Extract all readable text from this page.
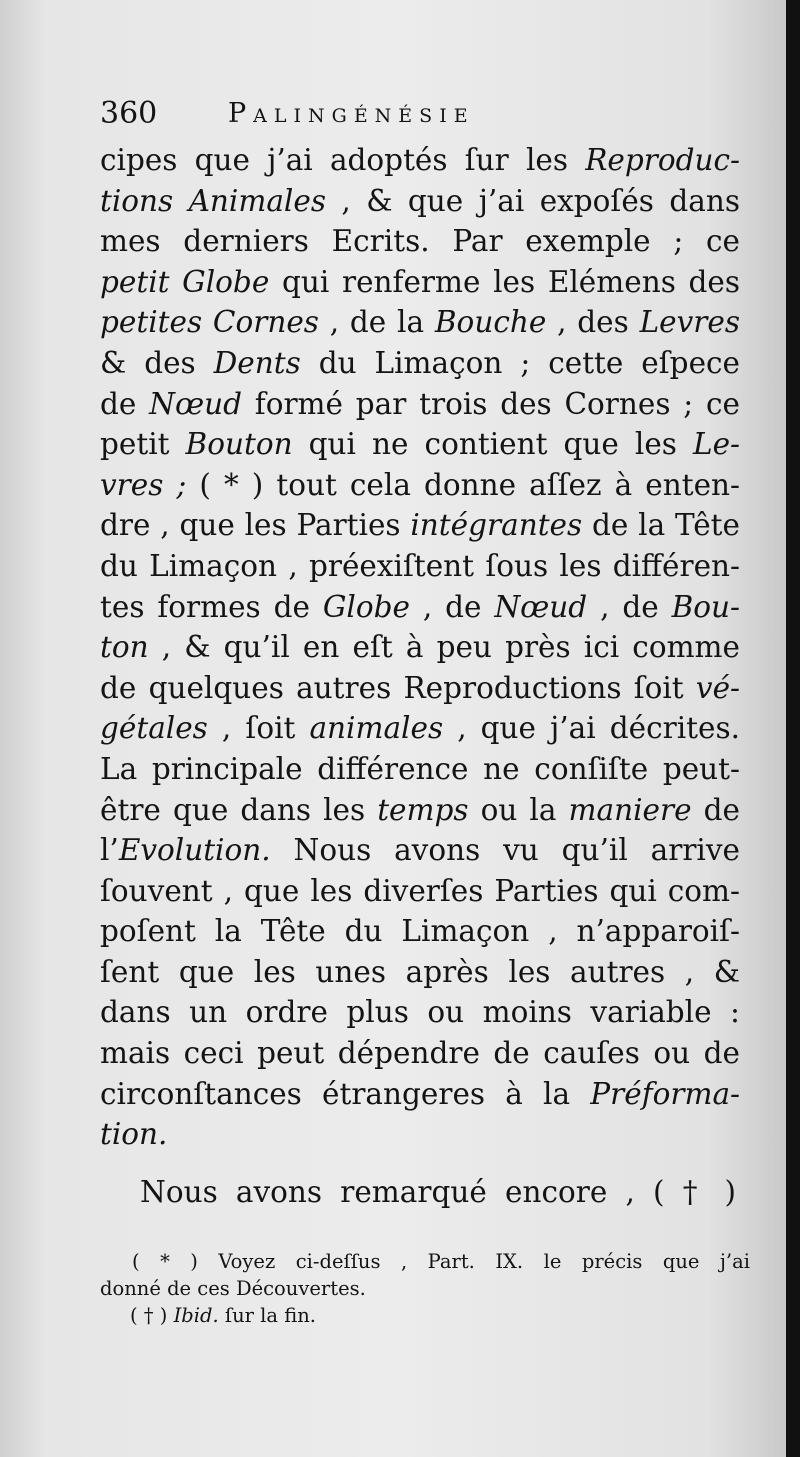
360	Palingénésie
cipes que j’ai adoptés ſur les Reproduc-
tions Animales , & que j’ai expoſés dans
mes derniers Ecrits. Par exemple ; ce
petit Globe qui renferme les Elémens des
petites Cornes , de la Bouche , des Levres
& des Dents du Limaçon ; cette eſpece
de Nœud formé par trois des Cornes ; ce
petit Bouton qui ne contient que les Le-
vres ; ( * ) tout cela donne aſſez à enten-
dre , que les Parties intégrantes de la Tête
du Limaçon , préexiſtent ſous les différen-
tes formes de Globe , de Nœud , de Bou-
ton , & qu’il en eſt à peu près ici comme
de quelques autres Reproductions ſoit vé-
gétales , ſoit animales , que j’ai décrites.
La principale différence ne conſiſte peut-
être que dans les temps ou la maniere de
l’Evolution. Nous avons vu qu’il arrive
ſouvent , que les diverſes Parties qui com-
poſent la Tête du Limaçon , n’apparoiſ-
ſent que les unes après les autres , &
dans un ordre plus ou moins variable :
mais ceci peut dépendre de cauſes ou de
circonſtances étrangeres à la Préforma-
tion.
Nous avons remarqué encore , ( † )
( * ) Voyez ci-deſſus , Part. IX. le précis que j’ai
donné de ces Découvertes.
( † ) Ibid. ſur la fin.
